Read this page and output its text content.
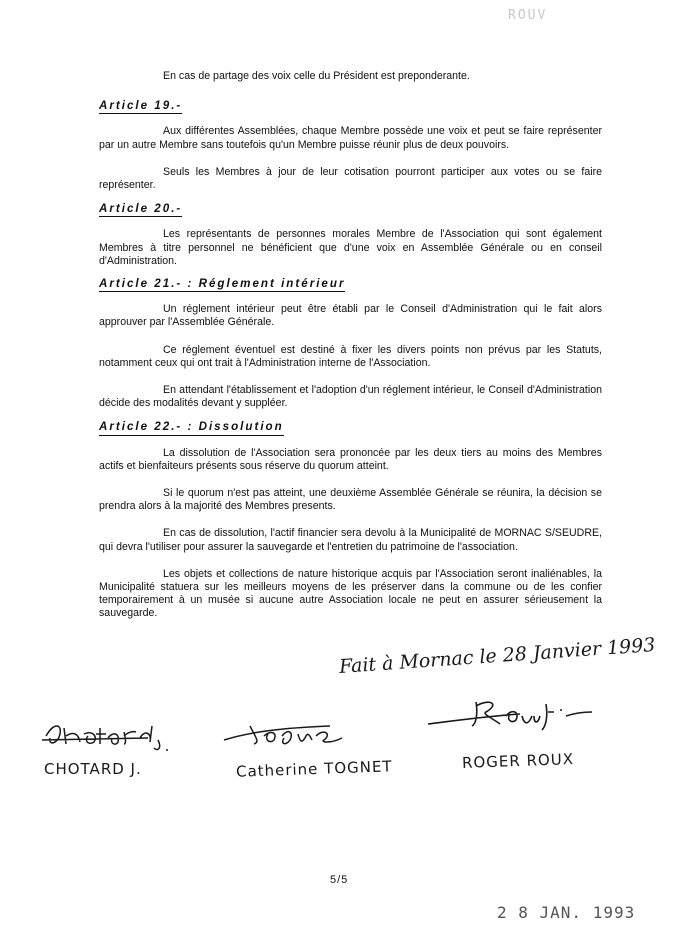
ROUV

En cas de partage des voix celle du Président est preponderante.

Article 19.-

Aux différentes Assemblées, chaque Membre possède une voix et peut se faire représenter par un autre Membre sans toutefois qu'un Membre puisse réunir plus de deux pouvoirs.

Seuls les Membres à jour de leur cotisation pourront participer aux votes ou se faire représenter.

Article 20.-

Les représentants de personnes morales Membre de l'Association qui sont également Membres à titre personnel ne bénéficient que d'une voix en Assemblée Générale ou en conseil d'Administration.

Article 21.- : Réglement intérieur

Un réglement intérieur peut être établi par le Conseil d'Administration qui le fait alors approuver par l'Assemblée Générale.

Ce réglement éventuel est destiné à fixer les divers points non prévus par les Statuts, notamment ceux qui ont trait à l'Administration interne de l'Association.

En attendant l'établissement et l'adoption d'un réglement intérieur, le Conseil d'Administration décide des modalités devant y suppléer.

Article 22.- : Dissolution

La dissolution de l'Association sera prononcée par les deux tiers au moins des Membres actifs et bienfaiteurs présents sous réserve du quorum atteint.

Si le quorum n'est pas atteint, une deuxième Assemblée Générale se réunira, la décision se prendra alors à la majorité des Membres presents.

En cas de dissolution, l'actif financier sera devolu à la Municipalité de MORNAC S/SEUDRE, qui devra l'utiliser pour assurer la sauvegarde et l'entretien du patrimoine de l'association.

Les objets et collections de nature historique acquis par l'Association seront inaliénables, la Municipalité statuera sur les meilleurs moyens de les préserver dans la commune ou de les confier temporairement à un musée si aucune autre Association locale ne peut en assurer sérieusement la sauvegarde.

Fait à Mornac le 28 Janvier 1993
CHOTARD J.	Catherine TOGNET	ROGER ROUX
5/5
2 8 JAN. 1993
